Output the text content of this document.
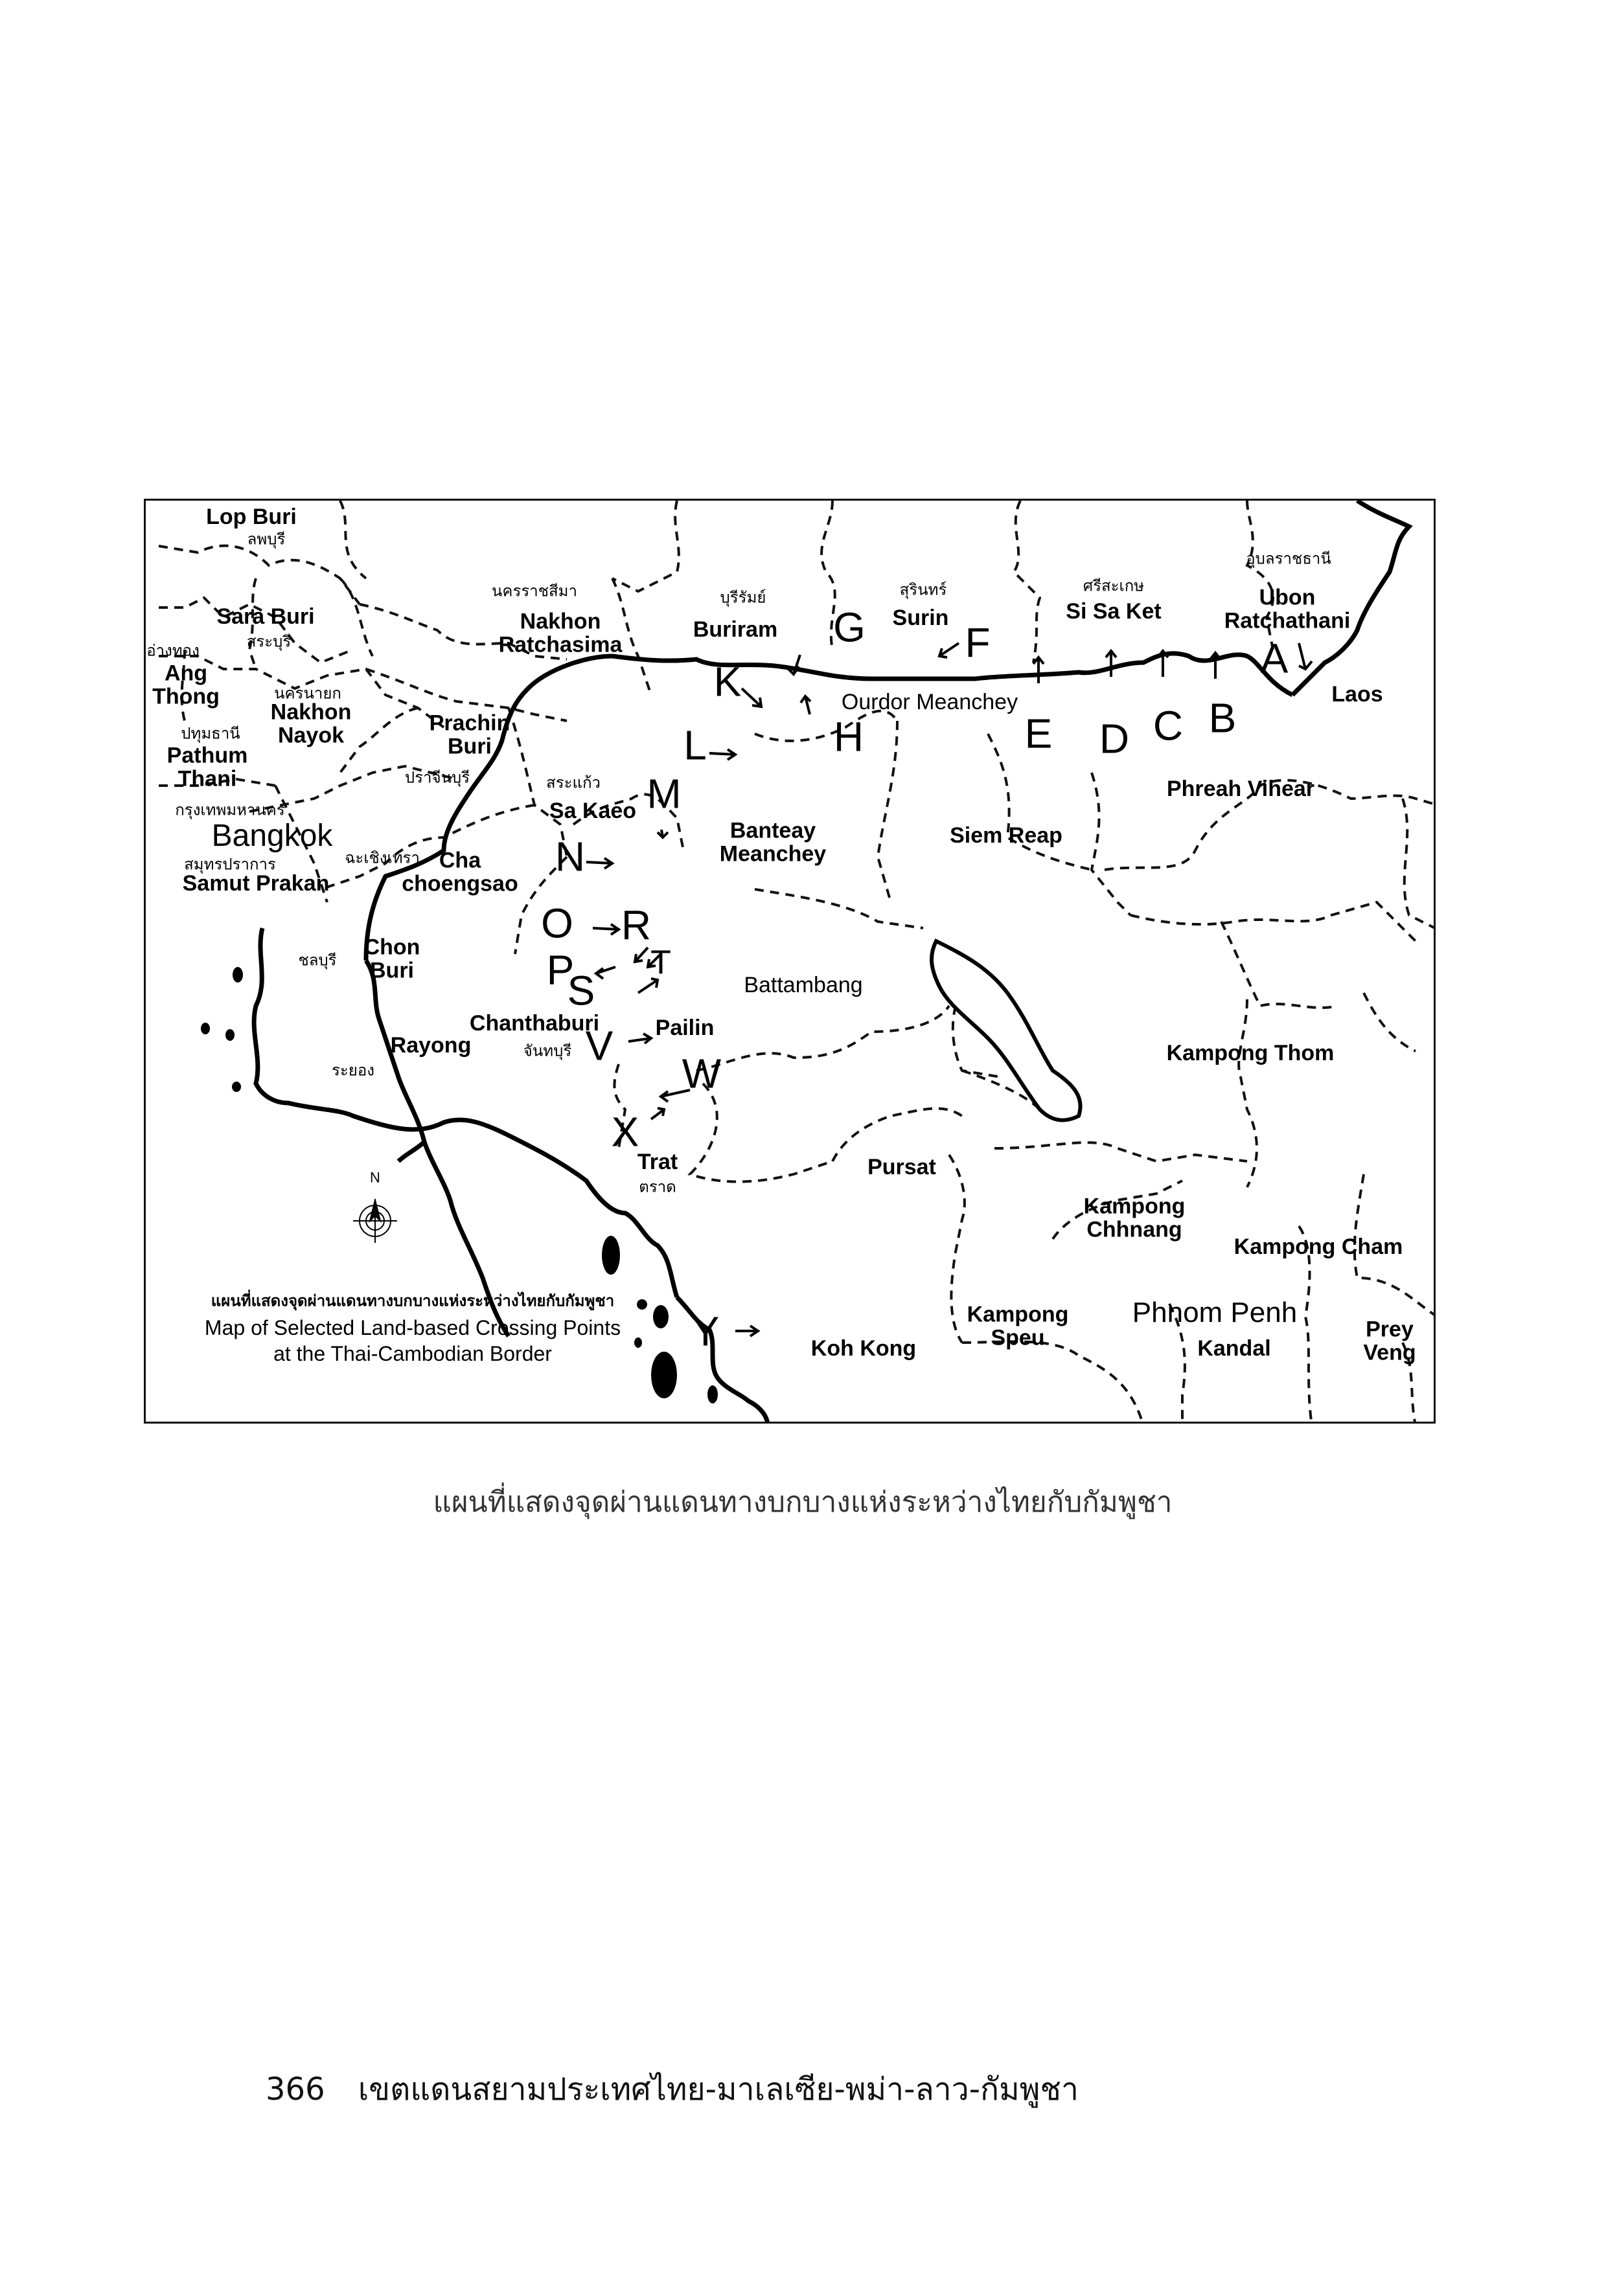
Lop Buri
ลพบุรี
Sara Buri
สระบุรี
อ่างทอง
Ang Thong	นครนายก
Nakhon Nayok
ปทุมธานี
Pathum Thani
กรุงเทพมหานคร
Bangkok
สมุทรปราการ
Samut Prakan
นครราชสีมา
Nakhon Ratchasima
Prachin Buri
ปราจีนบุรี
ฉะเชิงเทรา Cha choengsao
ชลบุรี
Chon Buri
Rayong
ระยอง
Chanthaburi
จันทบุรี
สระแก้ว
Sa Kaeo
บุรีรัมย์
Buriram
สุรินทร์
Surin
ศรีสะเกษ
Si Sa Ket
อุบลราชธานี
Ubon Ratchathani
Trat
ตราด
Ourdor Meanchey
Banteay Meanchey
Siem Reap
Phreah Vihear
Battambang
Pailin
Kampong Thom
Pursat
Kampong Chhnang
Kampong Cham
Kampong Speu
Phnom Penh
Kandal
Prey Veng
Koh Kong
Laos
A
B
C
D
E
F
G
H
K
L
M
N
O
P
R
S
T
V
W
X
Y
N
แผนที่แสดงจุดผ่านแดนทางบกบางแห่งระหว่างไทยกับกัมพูชา
Map of Selected Land-based Crossing Points
at the Thai-Cambodian Border
แผนที่แสดงจุดผ่านแดนทางบกบางแห่งระหว่างไทยกับกัมพูชา
366 เขตแดนสยามประเทศไทย-มาเลเซีย-พม่า-ลาว-กัมพูชา
